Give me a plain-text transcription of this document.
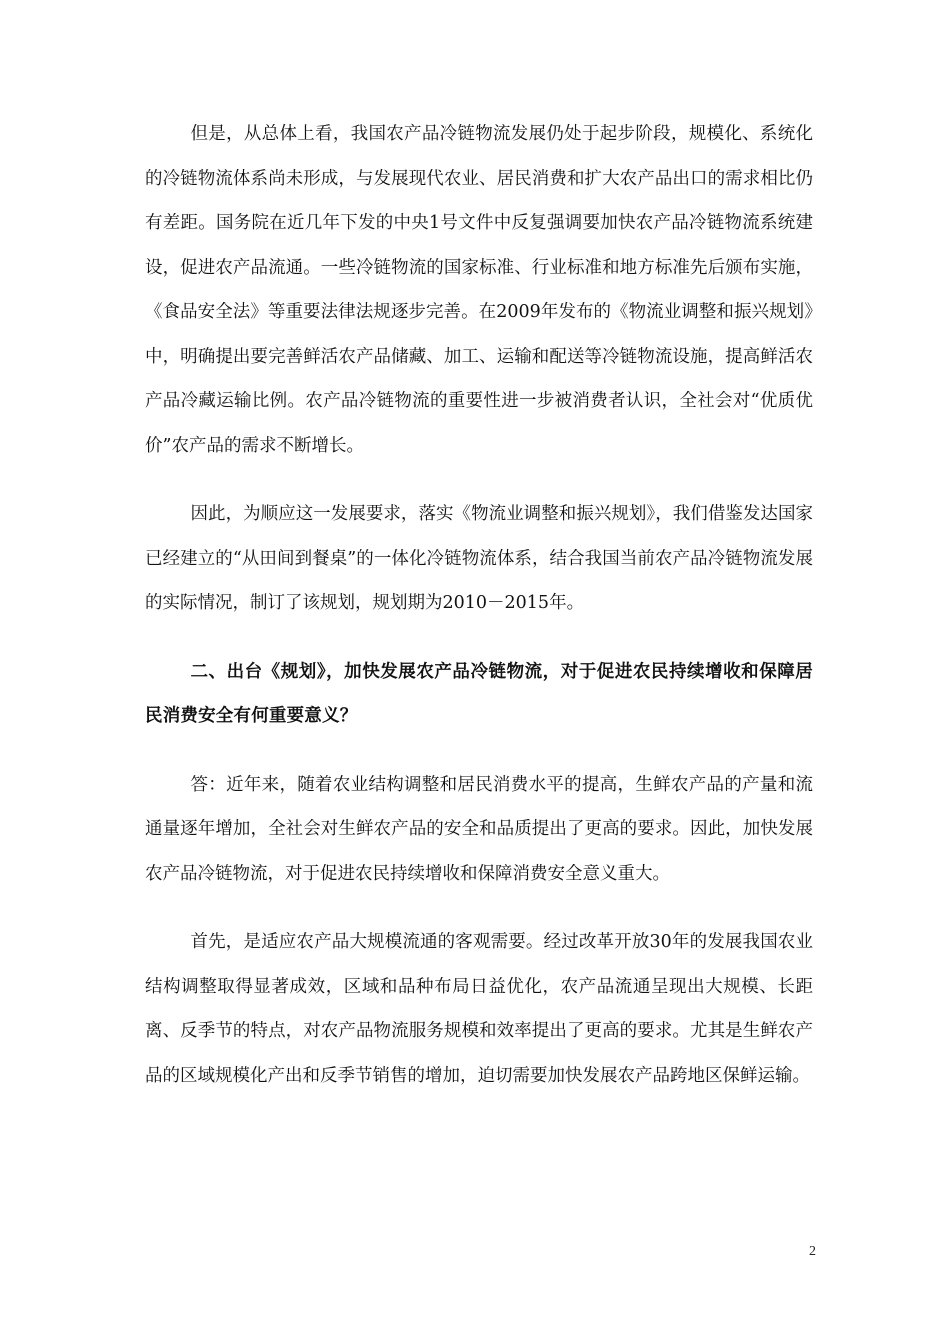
但是，从总体上看，我国农产品冷链物流发展仍处于起步阶段，规模化、系统化的冷链物流体系尚未形成，与发展现代农业、居民消费和扩大农产品出口的需求相比仍有差距。国务院在近几年下发的中央1号文件中反复强调要加快农产品冷链物流系统建设，促进农产品流通。一些冷链物流的国家标准、行业标准和地方标准先后颁布实施，《食品安全法》等重要法律法规逐步完善。在2009年发布的《物流业调整和振兴规划》中，明确提出要完善鲜活农产品储藏、加工、运输和配送等冷链物流设施，提高鲜活农产品冷藏运输比例。农产品冷链物流的重要性进一步被消费者认识，全社会对“优质优价”农产品的需求不断增长。

因此，为顺应这一发展要求，落实《物流业调整和振兴规划》，我们借鉴发达国家已经建立的“从田间到餐桌”的一体化冷链物流体系，结合我国当前农产品冷链物流发展的实际情况，制订了该规划，规划期为2010－2015年。

二、出台《规划》，加快发展农产品冷链物流，对于促进农民持续增收和保障居民消费安全有何重要意义？

答：近年来，随着农业结构调整和居民消费水平的提高，生鲜农产品的产量和流通量逐年增加，全社会对生鲜农产品的安全和品质提出了更高的要求。因此，加快发展农产品冷链物流，对于促进农民持续增收和保障消费安全意义重大。

首先，是适应农产品大规模流通的客观需要。经过改革开放30年的发展我国农业结构调整取得显著成效，区域和品种布局日益优化，农产品流通呈现出大规模、长距离、反季节的特点，对农产品物流服务规模和效率提出了更高的要求。尤其是生鲜农产品的区域规模化产出和反季节销售的增加，迫切需要加快发展农产品跨地区保鲜运输。

2
